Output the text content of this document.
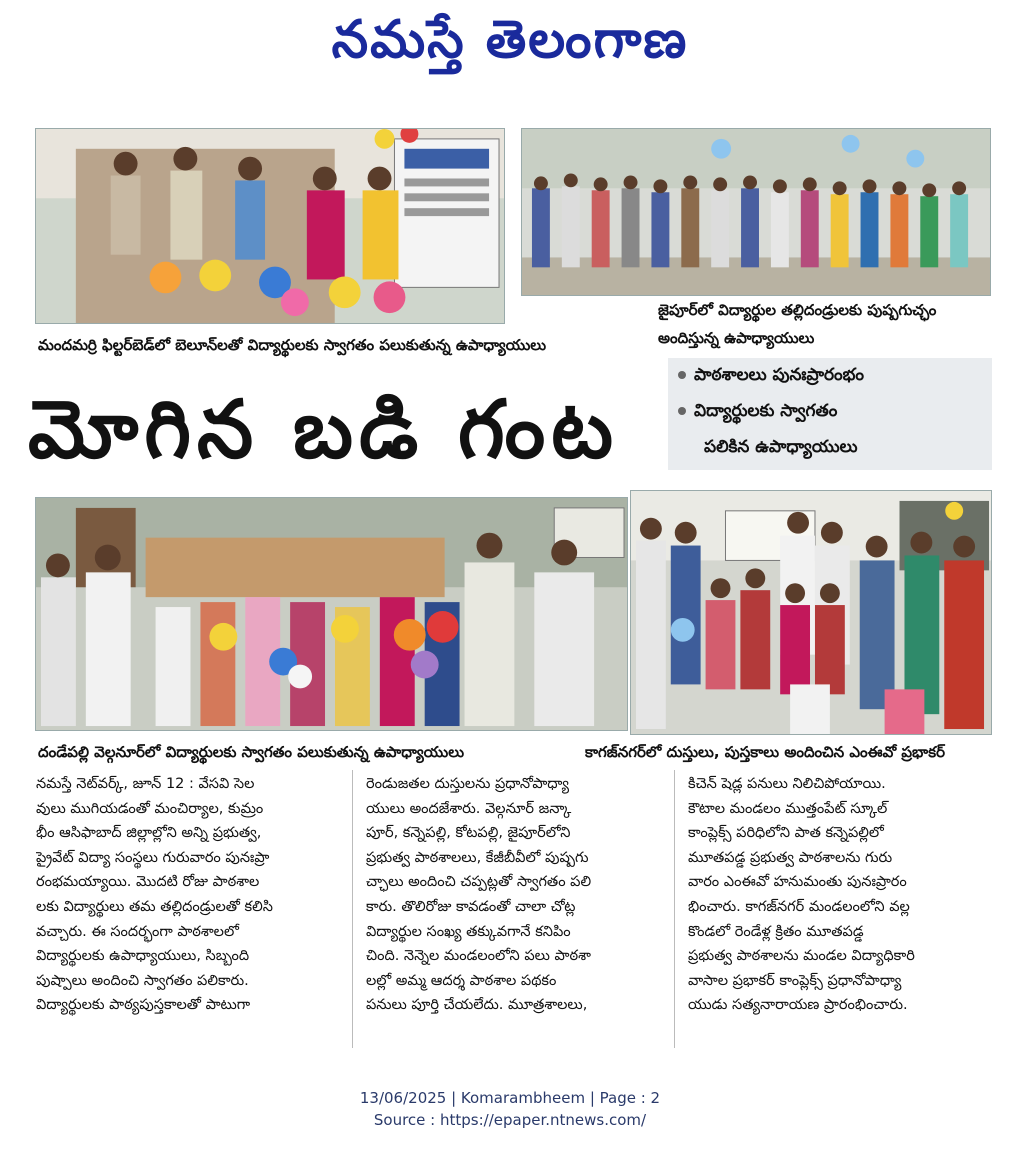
నమస్తే తెలంగాణ
మందమర్రి ఫిల్టర్‌బెడ్‌లో బెలూన్‌లతో విద్యార్థులకు స్వాగతం పలుకుతున్న ఉపాధ్యాయులు
జైపూర్‌లో విద్యార్థుల తల్లిదండ్రులకు పుష్పగుచ్ఛం
అందిస్తున్న ఉపాధ్యాయులు
మోగిన బడి గంట
పాఠశాలలు పునఃప్రారంభం
విద్యార్థులకు స్వాగతం
పలికిన ఉపాధ్యాయులు
దండేపల్లి వెల్గనూర్‌లో విద్యార్థులకు స్వాగతం పలుకుతున్న ఉపాధ్యాయులు	కాగజ్‌నగర్‌లో దుస్తులు, పుస్తకాలు అందించిన ఎంఈవో ప్రభాకర్
నమస్తే నెట్‌వర్క్, జూన్ 12 : వేసవి సెల
వులు ముగియడంతో మంచిర్యాల, కుమ్రం
భీం ఆసిఫాబాద్ జిల్లాల్లోని అన్ని ప్రభుత్వ,
ప్రైవేట్ విద్యా సంస్థలు గురువారం పునఃప్రా
రంభమయ్యాయి. మొదటి రోజు పాఠశాల
లకు విద్యార్థులు తమ తల్లిదండ్రులతో కలిసి
వచ్చారు. ఈ సందర్భంగా పాఠశాలలో
విద్యార్థులకు ఉపాధ్యాయులు, సిబ్బంది
పుష్పాలు అందించి స్వాగతం పలికారు.
విద్యార్థులకు పాఠ్యపుస్తకాలతో పాటుగా
రెండుజతల దుస్తులను ప్రధానోపాధ్యా
యులు అందజేశారు. వెల్గనూర్ జన్కా
పూర్, కన్నెపల్లి, కోటపల్లి, జైపూర్‌లోని
ప్రభుత్వ పాఠశాలలు, కేజీబీవీలో పుష్పగు
చ్ఛాలు అందించి చప్పట్లతో స్వాగతం పలి
కారు. తొలిరోజు కావడంతో చాలా చోట్ల
విద్యార్థుల సంఖ్య తక్కువగానే కనిపిం
చింది. నెన్నెల మండలంలోని పలు పాఠశా
లల్లో అమ్మ ఆదర్శ పాఠశాల పథకం
పనులు పూర్తి చేయలేదు. మూత్రశాలలు,
కిచెన్ షెడ్ల పనులు నిలిచిపోయాయి.
కౌటాల మండలం ముత్తంపేట్ స్కూల్
కాంప్లెక్స్ పరిధిలోని పాత కన్నెపల్లిలో
మూతపడ్డ ప్రభుత్వ పాఠశాలను గురు
వారం ఎంఈవో హనుమంతు పునఃప్రారం
భించారు. కాగజ్‌నగర్ మండలంలోని వల్ల
కొండలో రెండేళ్ల క్రితం మూతపడ్డ
ప్రభుత్వ పాఠశాలను మండల విద్యాధికారి
వాసాల ప్రభాకర్ కాంప్లెక్స్ ప్రధానోపాధ్యా
యుడు సత్యనారాయణ ప్రారంభించారు.
13/06/2025 | Komarambheem | Page : 2
Source : https://epaper.ntnews.com/
